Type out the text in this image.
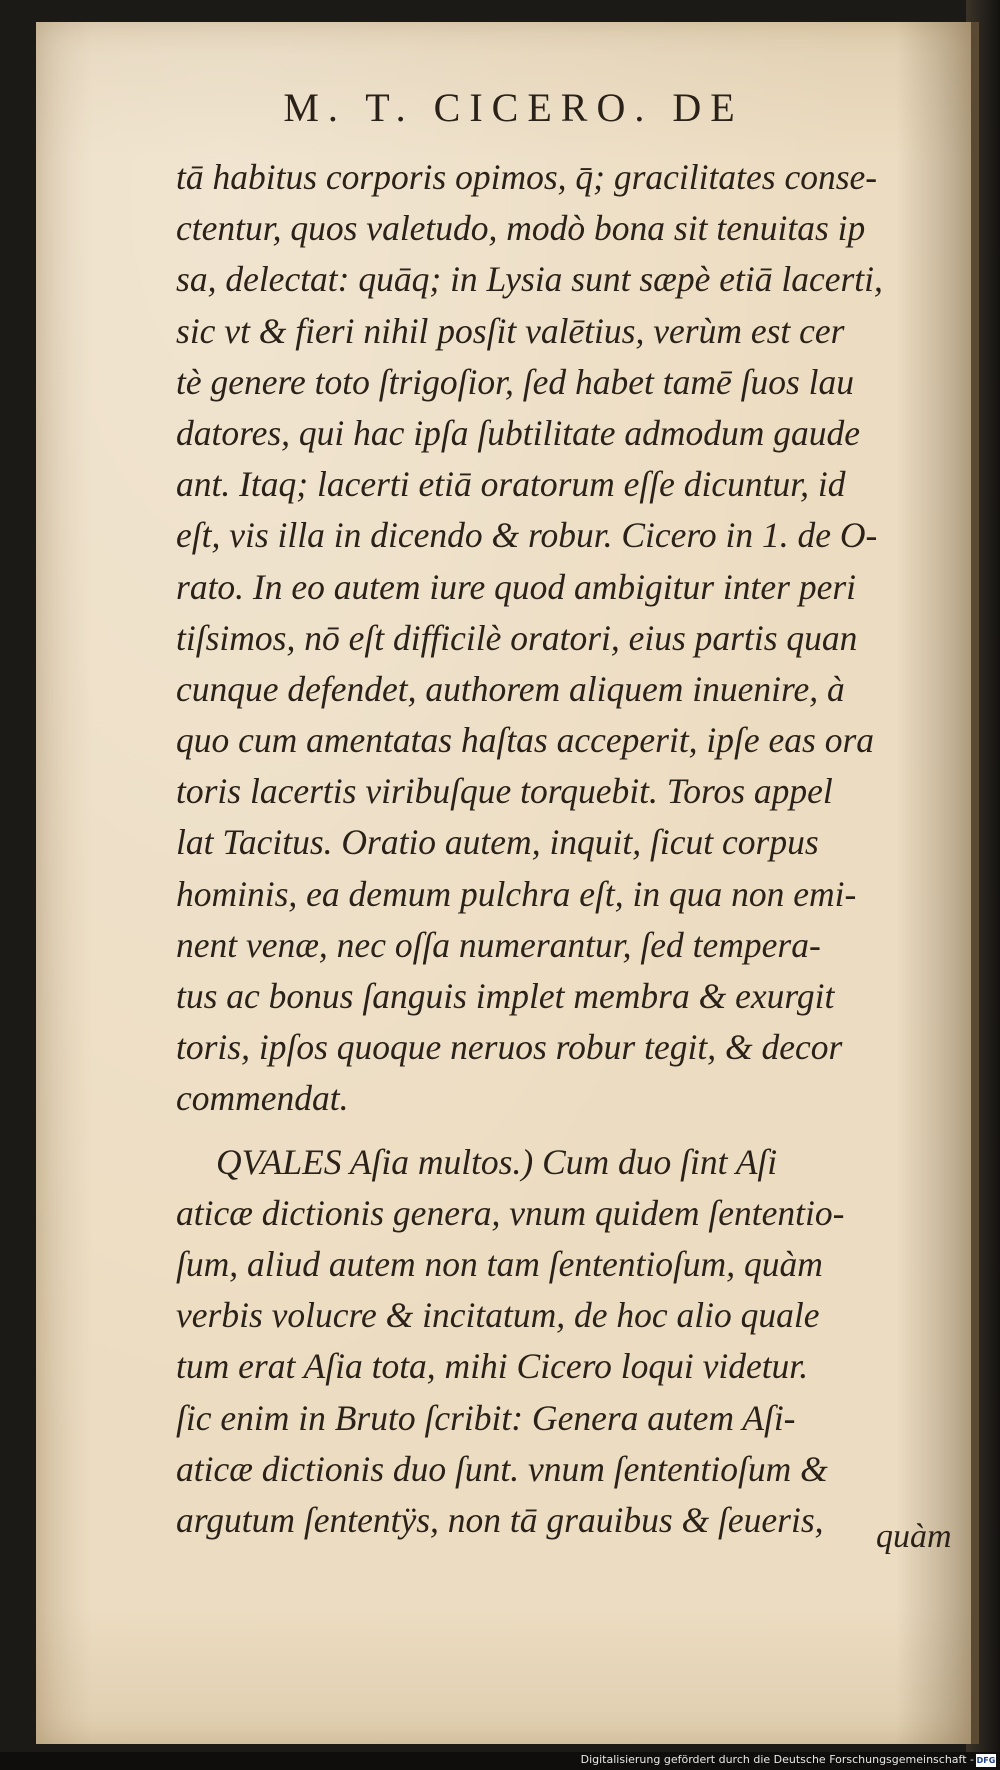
M. T. CICERO. DE
tā habitus corporis opimos, q̄; gracilitates conse-
ctentur, quos valetudo, modò bona sit tenuitas ip
sa, delectat: quāq; in Lysia sunt sæpè etiā lacerti,
sic vt & fieri nihil posſit valētius, verùm est cer
tè genere toto ſtrigoſior, ſed habet tamē ſuos lau
datores, qui hac ipſa ſubtilitate admodum gaude
ant. Itaq; lacerti etiā oratorum eſſe dicuntur, id
eſt, vis illa in dicendo & robur. Cicero in 1. de O-
rato. In eo autem iure quod ambigitur inter peri
tiſsimos, nō eſt difficilè oratori, eius partis quan
cunque defendet, authorem aliquem inuenire, à
quo cum amentatas haſtas acceperit, ipſe eas ora
toris lacertis viribuſque torquebit. Toros appel
lat Tacitus. Oratio autem, inquit, ſicut corpus
hominis, ea demum pulchra eſt, in qua non emi-
nent venæ, nec oſſa numerantur, ſed tempera-
tus ac bonus ſanguis implet membra & exurgit
toris, ipſos quoque neruos robur tegit, & decor
commendat.
QVALES Aſia multos.) Cum duo ſint Aſi
aticæ dictionis genera, vnum quidem ſententio-
ſum, aliud autem non tam ſententioſum, quàm
verbis volucre & incitatum, de hoc alio quale
tum erat Aſia tota, mihi Cicero loqui videtur.
ſic enim in Bruto ſcribit: Genera autem Aſi-
aticæ dictionis duo ſunt. vnum ſententioſum &
argutum ſententÿs, non tā grauibus & ſeueris,	quàm
Digitalisierung gefördert durch die Deutsche Forschungsgemeinschaft - DFG
